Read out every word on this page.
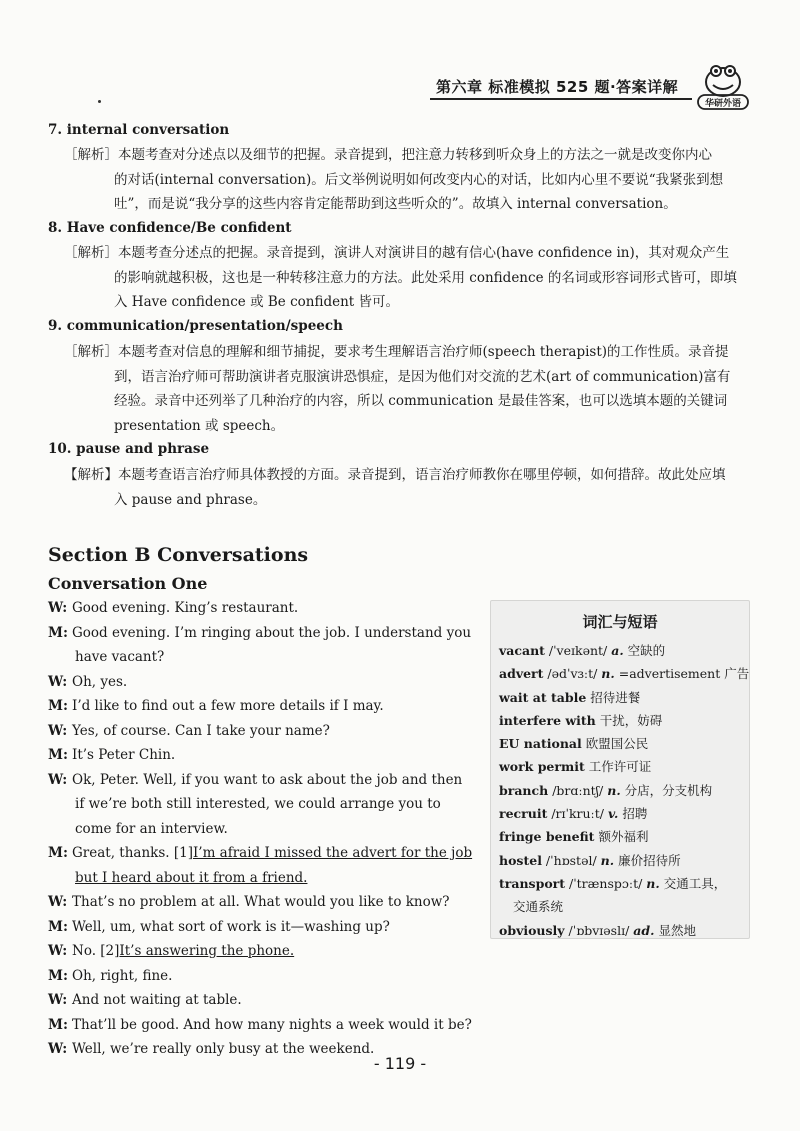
第六章 标准模拟 525 题·答案详解
华研外语
7. internal conversation

［解析］本题考查对分述点以及细节的把握。录音提到，把注意力转移到听众身上的方法之一就是改变你内心

的对话(internal conversation)。后文举例说明如何改变内心的对话，比如内心里不要说“我紧张到想

吐”，而是说“我分享的这些内容肯定能帮助到这些听众的”。故填入 internal conversation。

8. Have confidence/Be confident

［解析］本题考查分述点的把握。录音提到，演讲人对演讲目的越有信心(have confidence in)，其对观众产生

的影响就越积极，这也是一种转移注意力的方法。此处采用 confidence 的名词或形容词形式皆可，即填

入 Have confidence 或 Be confident 皆可。

9. communication/presentation/speech

［解析］本题考查对信息的理解和细节捕捉，要求考生理解语言治疗师(speech therapist)的工作性质。录音提

到，语言治疗师可帮助演讲者克服演讲恐惧症，是因为他们对交流的艺术(art of communication)富有

经验。录音中还列举了几种治疗的内容，所以 communication 是最佳答案，也可以选填本题的关键词

presentation 或 speech。

10. pause and phrase

【解析】本题考查语言治疗师具体教授的方面。录音提到，语言治疗师教你在哪里停顿，如何措辞。故此处应填

入 pause and phrase。

Section B Conversations
Conversation One
W: Good evening. King’s restaurant.
M: Good evening. I’m ringing about the job. I understand you
have vacant?
W: Oh, yes.
M: I’d like to find out a few more details if I may.
W: Yes, of course. Can I take your name?
M: It’s Peter Chin.
W: Ok, Peter. Well, if you want to ask about the job and then
if we’re both still interested, we could arrange you to
come for an interview.
M: Great, thanks. [1]I’m afraid I missed the advert for the job
but I heard about it from a friend.
W: That’s no problem at all. What would you like to know?
M: Well, um, what sort of work is it—washing up?
W: No. [2]It’s answering the phone.
M: Oh, right, fine.
W: And not waiting at table.
M: That’ll be good. And how many nights a week would it be?
W: Well, we’re really only busy at the weekend.
词汇与短语
vacant /ˈveɪkənt/ a. 空缺的
advert /ədˈvɜːt/ n. =advertisement 广告
wait at table 招待进餐
interfere with 干扰，妨碍
EU national 欧盟国公民
work permit 工作许可证
branch /brɑːntʃ/ n. 分店，分支机构
recruit /rɪˈkruːt/ v. 招聘
fringe benefit 额外福利
hostel /ˈhɒstəl/ n. 廉价招待所
transport /ˈtrænspɔːt/ n. 交通工具，
交通系统
obviously /ˈɒbvɪəslɪ/ ad. 显然地
- 119 -
